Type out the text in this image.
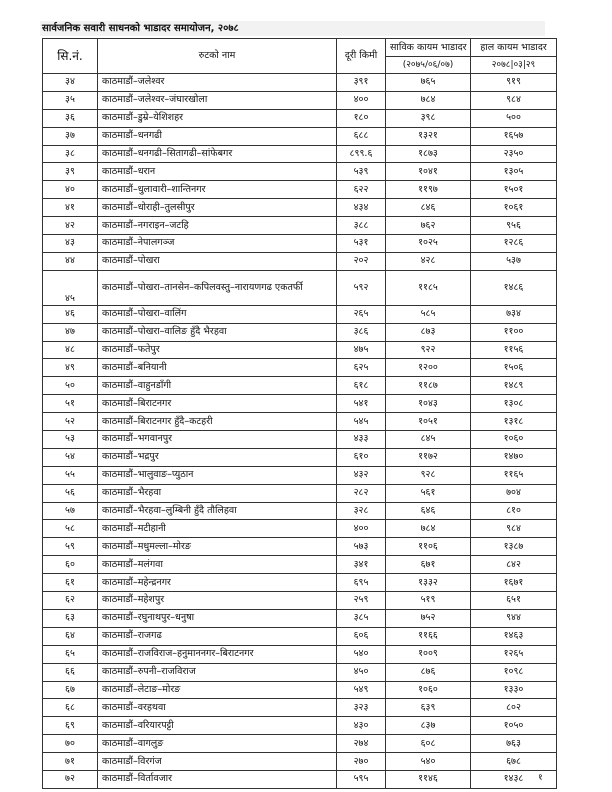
सार्वजनिक सवारी साधनको भाडादर समायोजन, २०७८
सि.नं.	रुटको नाम	दूरी किमी	साविक कायम भाडादर	हाल कायम भाडादर
			(२०७५/०६/०७)	२०७८|०३|२९
३४	काठमाडौं–जलेश्वर	३९१	७६५	९१९
३५	काठमाडौं–जलेश्वर–जंघारखोला	४००	७८४	९८४
३६	काठमाडौं–डुम्रे–येशिशहर	१८०	३९८	५००
३७	काठमाडौं–धनगढी	६८८	१३२१	१६५७
३८	काठमाडौं–धनगढी–सितागढी–सांफेबगर	८९९.६	१८७३	२३५०
३९	काठमाडौं–धरान	५३९	१०४१	१३०५
४०	काठमाडौं–धुलावारी–शान्तिनगर	६२२	११९७	१५०१
४१	काठमाडौं–धोराही–तुलसीपुर	४३४	८४६	१०६१
४२	काठमाडौं–नगराइन–जटहि	३८८	७६२	९५६
४३	काठमाडौं–नेपालगञ्ज	५३१	१०२५	१२८६
४४	काठमाडौं–पोखरा	२०२	४२८	५३७
४५	काठमाडौं–पोखरा–तानसेन–कपिलवस्तु–नारायणगढ एकतर्फी	५९२	११८५	१४८६
४६	काठमाडौं–पोखरा–वालिंग	२६५	५८५	७३४
४७	काठमाडौं–पोखरा–वालिङ हुँदै भैरहवा	३८६	८७३	११००
४८	काठमाडौं–फतेपुर	४७५	९२२	११५६
४९	काठमाडौं–बनियानी	६२५	१२००	१५०६
५०	काठमाडौं–वाहुनडाँगी	६१८	११८७	१४८९
५१	काठमाडौं–बिराटनगर	५४१	१०४३	१३०८
५२	काठमाडौं–बिराटनगर हुँदै–कटहरी	५४५	१०५१	१३१८
५३	काठमाडौं–भगवानपुर	४३३	८४५	१०६०
५४	काठमाडौं–भद्रपुर	६१०	११७२	१४७०
५५	काठमाडौं–भालुवाङ–प्युठान	४३२	९२८	११६५
५६	काठमाडौं–भैरहवा	२८२	५६१	७०४
५७	काठमाडौं–भैरहवा–लुम्बिनी हुँदै तौलिहवा	३२८	६४६	८१०
५८	काठमाडौं–मटीहानी	४००	७८४	९८४
५९	काठमाडौं–मधुमल्ला–मोरङ	५७३	११०६	१३८७
६०	काठमाडौं–मलंगवा	३४१	६७१	८४२
६१	काठमाडौं–महेन्द्रनगर	६९५	१३३२	१६७१
६२	काठमाडौं–महेशपुर	२५९	५१९	६५१
६३	काठमाडौं–रघुनाथपुर–धनुषा	३८५	७५२	९४४
६४	काठमाडौं–राजगढ	६०६	११६६	१४६३
६५	काठमाडौं–राजविराज–हनुमाननगर–बिराटनगर	५४०	१००९	१२६५
६६	काठमाडौं–रुपनी–राजविराज	४५०	८७६	१०९८
६७	काठमाडौं–लेटाङ–मोरङ	५४९	१०६०	१३३०
६८	काठमाडौं–वरहथवा	३२३	६३९	८०२
६९	काठमाडौं–वरियारपट्टी	४३०	८३७	१०५०
७०	काठमाडौं–वागलुङ	२७४	६०८	७६३
७१	काठमाडौं–विरगंज	२७०	५४०	६७८
७२	काठमाडौं–विर्तावजार	५९५	११४६	१४३८ १
